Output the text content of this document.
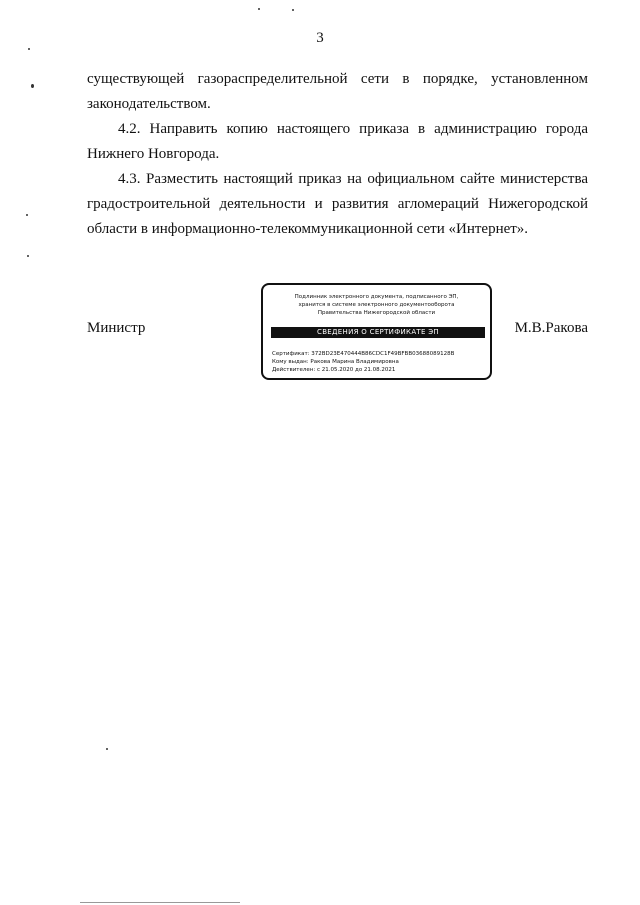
3
существующей газораспределительной сети в порядке, установленном
законодательством.
4.2. Направить копию настоящего приказа в администрацию города
Нижнего Новгорода.
4.3. Разместить настоящий приказ на официальном сайте министерства
градостроительной деятельности и развития агломераций Нижегородской
области в информационно-телекоммуникационной сети «Интернет».
Министр	М.В.Ракова
Подлинник электронного документа, подписанного ЭП,
хранится в системе электронного документооборота
Правительства Нижегородской области
СВЕДЕНИЯ О СЕРТИФИКАТЕ ЭП
Сертификат: 372BD23E470444B86CDC1F49BFBB03688089128B
Кому выдан: Ракова Марина Владимировна
Действителен: с 21.05.2020 до 21.08.2021
